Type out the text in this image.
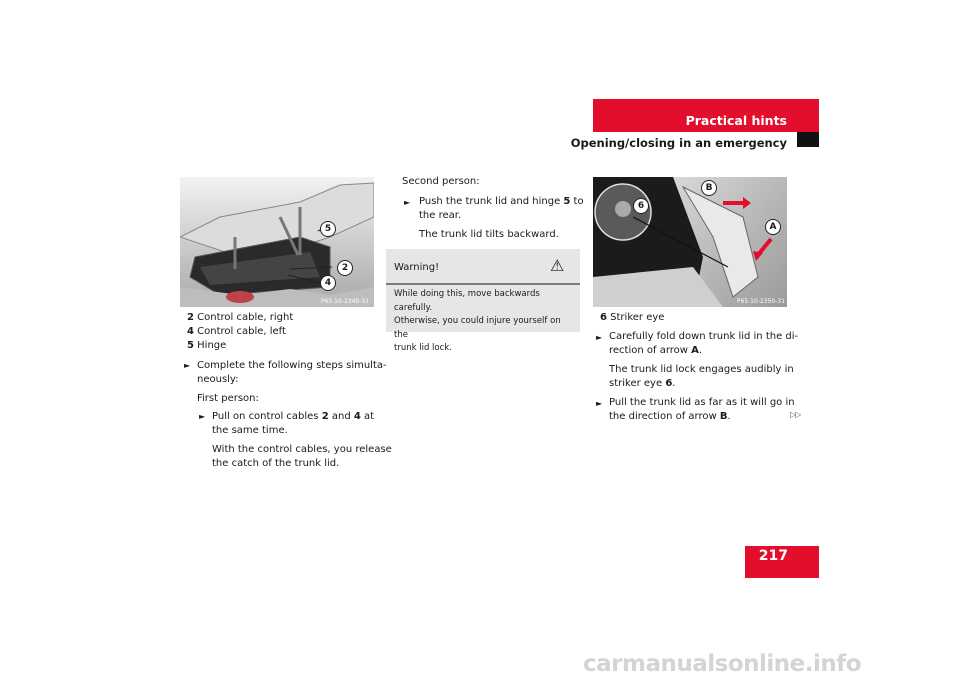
Practical hints
Opening/closing in an emergency
5
2
4
P65.10-2349-31
2 Control cable, right
4 Control cable, left
5 Hinge
► Complete the following steps simulta-
neously:
First person:
► Pull on control cables 2 and 4 at
the same time.
With the control cables, you release
the catch of the trunk lid.
Second person:
► Push the trunk lid and hinge 5 to
the rear.
The trunk lid tilts backward.
Warning!	⚠
While doing this, move backwards carefully.
Otherwise, you could injure yourself on the
trunk lid lock.
B
6
A
P65.10-2350-31
6 Striker eye
► Carefully fold down trunk lid in the di-
rection of arrow A.
The trunk lid lock engages audibly in
striker eye 6.
► Pull the trunk lid as far as it will go in
the direction of arrow B.	▷▷
217
carmanualsonline.info
